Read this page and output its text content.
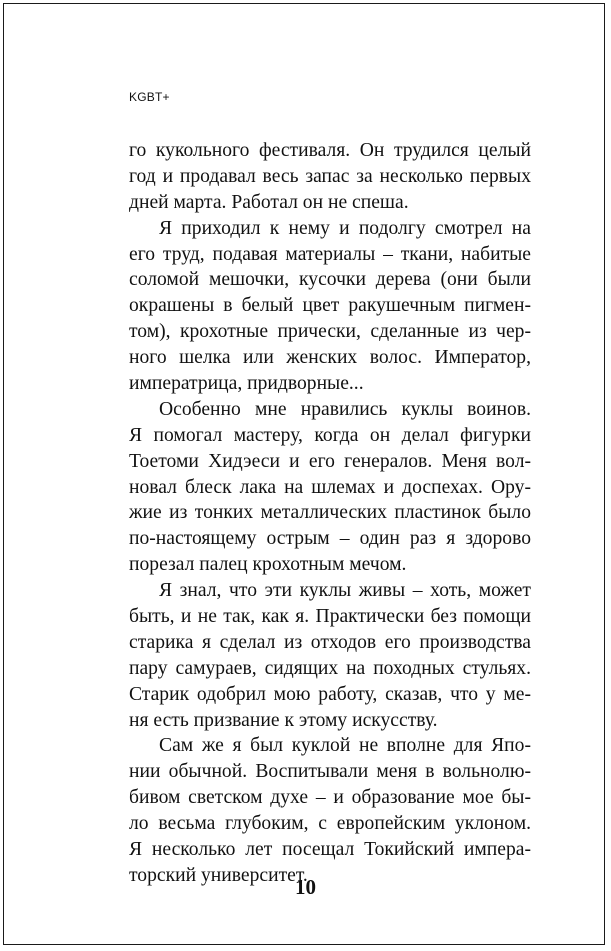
KGBT+
го кукольного фестиваля. Он трудился целый
год и продавал весь запас за несколько первых
дней марта. Работал он не спеша.
Я приходил к нему и подолгу смотрел на
его труд, подавая материалы – ткани, набитые
соломой мешочки, кусочки дерева (они были
окрашены в белый цвет ракушечным пигмен-
том), крохотные прически, сделанные из чер-
ного шелка или женских волос. Император,
императрица, придворные...
Особенно мне нравились куклы воинов.
Я помогал мастеру, когда он делал фигурки
Тоетоми Хидэеси и его генералов. Меня вол-
новал блеск лака на шлемах и доспехах. Ору-
жие из тонких металлических пластинок было
по-настоящему острым – один раз я здорово
порезал палец крохотным мечом.
Я знал, что эти куклы живы – хоть, может
быть, и не так, как я. Практически без помощи
старика я сделал из отходов его производства
пару самураев, сидящих на походных стульях.
Старик одобрил мою работу, сказав, что у ме-
ня есть призвание к этому искусству.
Сам же я был куклой не вполне для Япо-
нии обычной. Воспитывали меня в вольнолю-
бивом светском духе – и образование мое бы-
ло весьма глубоким, с европейским уклоном.
Я несколько лет посещал Токийский импера-
торский университет.
10
